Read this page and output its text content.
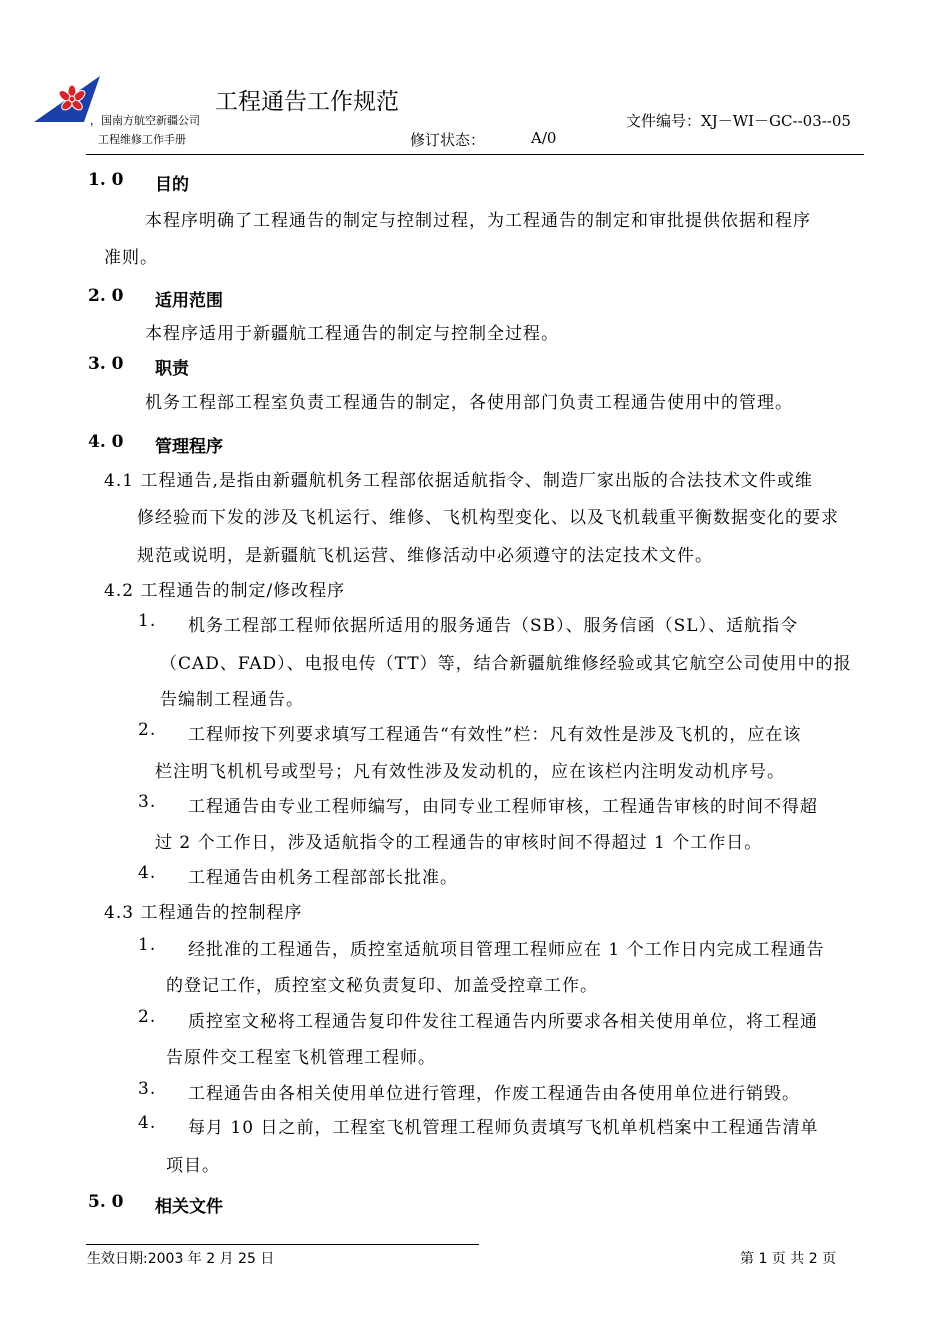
工程通告工作规范
，国南方航空新疆公司
工程维修工作手册
文件编号：XJ－WI－GC--03--05
修订状态：	A/0
1. 0 目的
本程序明确了工程通告的制定与控制过程，为工程通告的制定和审批提供依据和程序
准则。
2. 0 适用范围
本程序适用于新疆航工程通告的制定与控制全过程。
3. 0 职责
机务工程部工程室负责工程通告的制定，各使用部门负责工程通告使用中的管理。
4. 0 管理程序
4.1 工程通告,是指由新疆航机务工程部依据适航指令、制造厂家出版的合法技术文件或维
修经验而下发的涉及飞机运行、维修、飞机构型变化、以及飞机载重平衡数据变化的要求
规范或说明，是新疆航飞机运营、维修活动中必须遵守的法定技术文件。
4.2 工程通告的制定/修改程序
1. 机务工程部工程师依据所适用的服务通告（SB）、服务信函（SL）、适航指令
（CAD、FAD）、电报电传（TT）等，结合新疆航维修经验或其它航空公司使用中的报
告编制工程通告。
2. 工程师按下列要求填写工程通告“有效性”栏：凡有效性是涉及飞机的，应在该
栏注明飞机机号或型号；凡有效性涉及发动机的，应在该栏内注明发动机序号。
3. 工程通告由专业工程师编写，由同专业工程师审核，工程通告审核的时间不得超
过 2 个工作日，涉及适航指令的工程通告的审核时间不得超过 1 个工作日。
4. 工程通告由机务工程部部长批准。
4.3 工程通告的控制程序
1. 经批准的工程通告，质控室适航项目管理工程师应在 1 个工作日内完成工程通告
的登记工作，质控室文秘负责复印、加盖受控章工作。
2. 质控室文秘将工程通告复印件发往工程通告内所要求各相关使用单位，将工程通
告原件交工程室飞机管理工程师。
3. 工程通告由各相关使用单位进行管理，作废工程通告由各使用单位进行销毁。
4. 每月 10 日之前，工程室飞机管理工程师负责填写飞机单机档案中工程通告清单
项目。
5. 0 相关文件
生效日期:2003 年 2 月 25 日	第 1 页 共 2 页
